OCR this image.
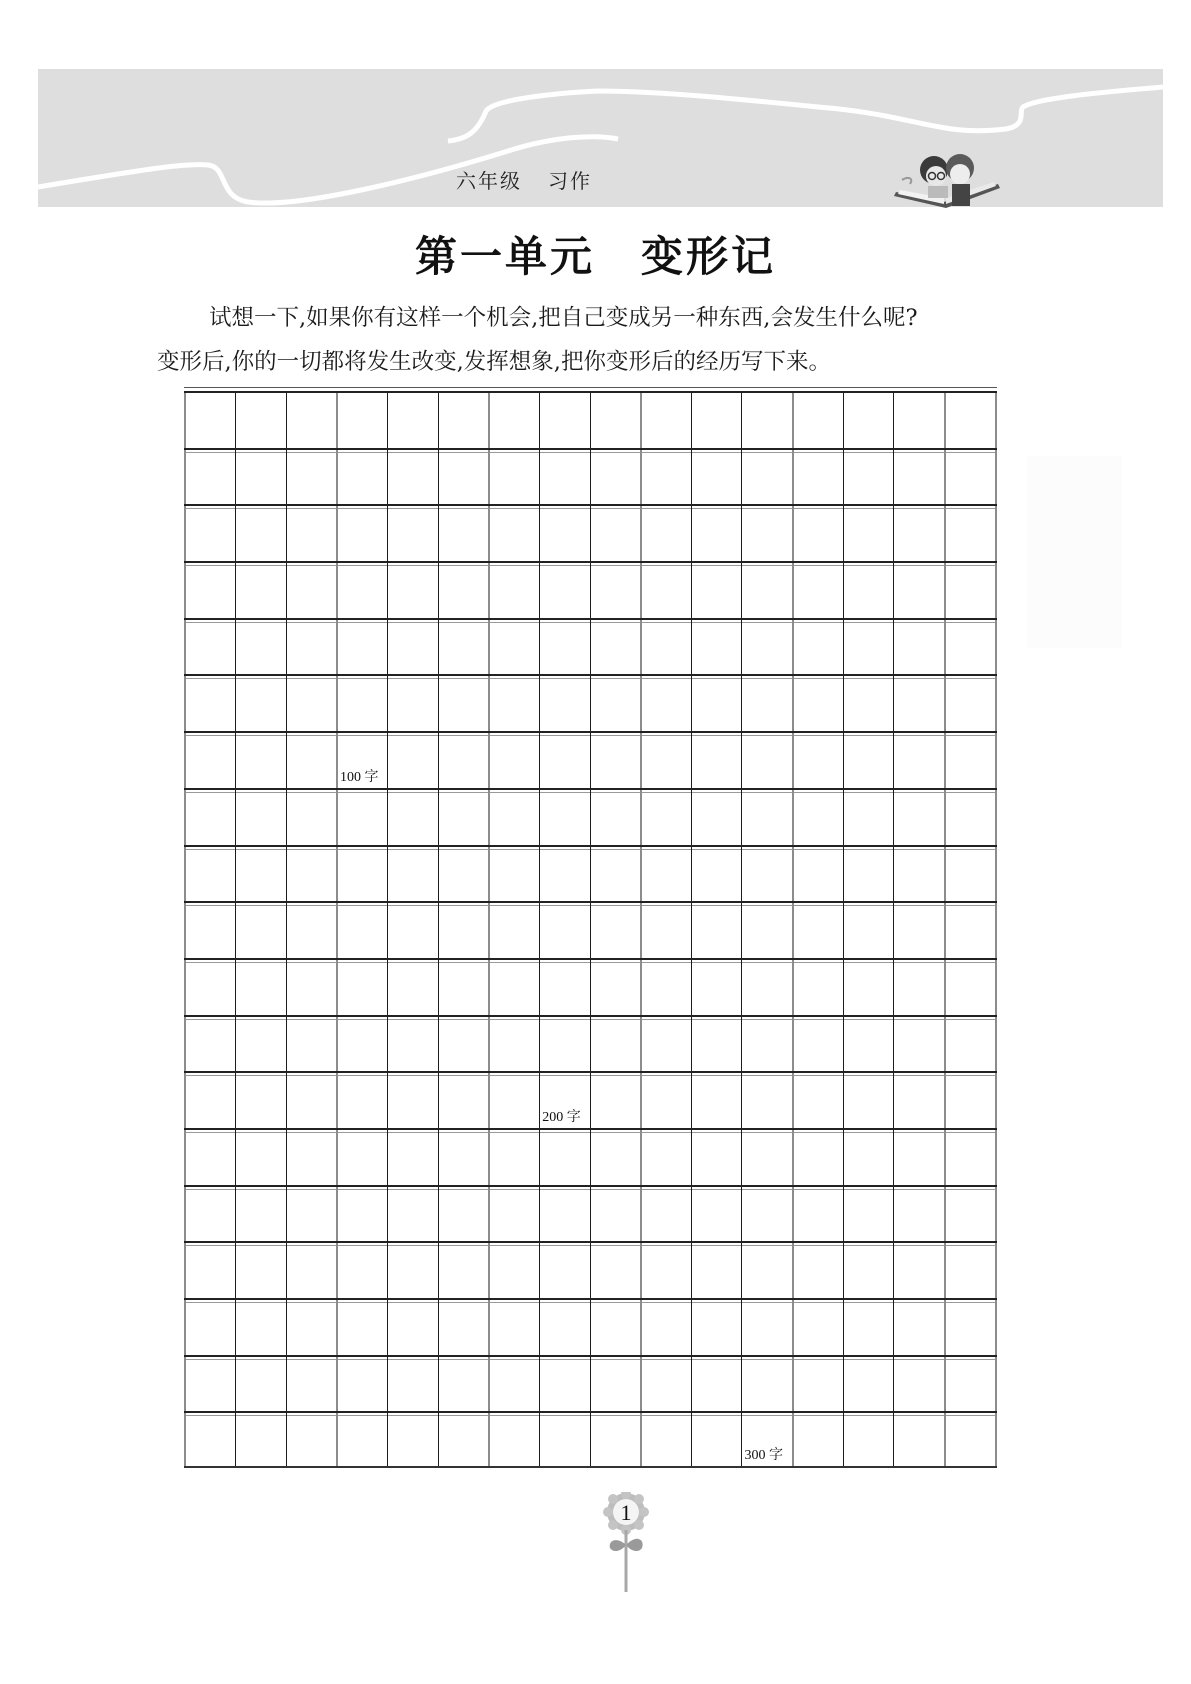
六年级 习作
第一单元 变形记

试想一下,如果你有这样一个机会,把自己变成另一种东西,会发生什么呢?

变形后,你的一切都将发生改变,发挥想象,把你变形后的经历写下来。

100 字
200 字
300 字
1
